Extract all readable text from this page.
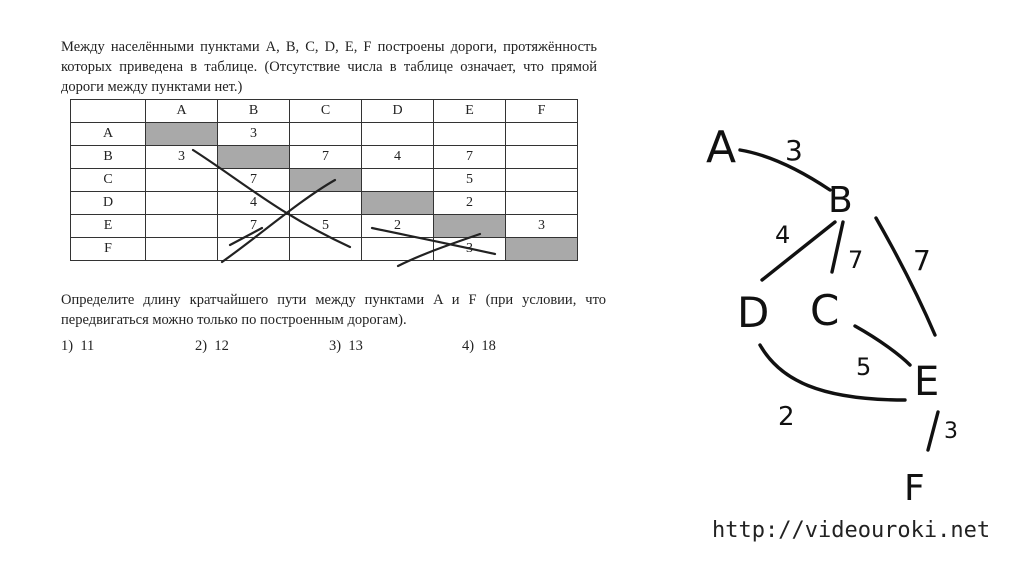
Между населёнными пунктами A, B, C, D, E, F построены дороги, протяжённость которых приведена в таблице. (Отсутствие числа в таблице означает, что прямой дороги между пунктами нет.)
	A	B	C	D	E	F
A		3				
B	3		7	4	7	
C		7			5	
D		4			2	
E		7	5	2		3
F					3	
Определите длину кратчайшего пути между пунктами A и F (при условии, что передвигаться можно только по построенным дорогам).
1)  11	2)  12	3)  13	4)  18
A
B
C
D
E
F
3
4
7 7
5
2	3
http://videouroki.net
